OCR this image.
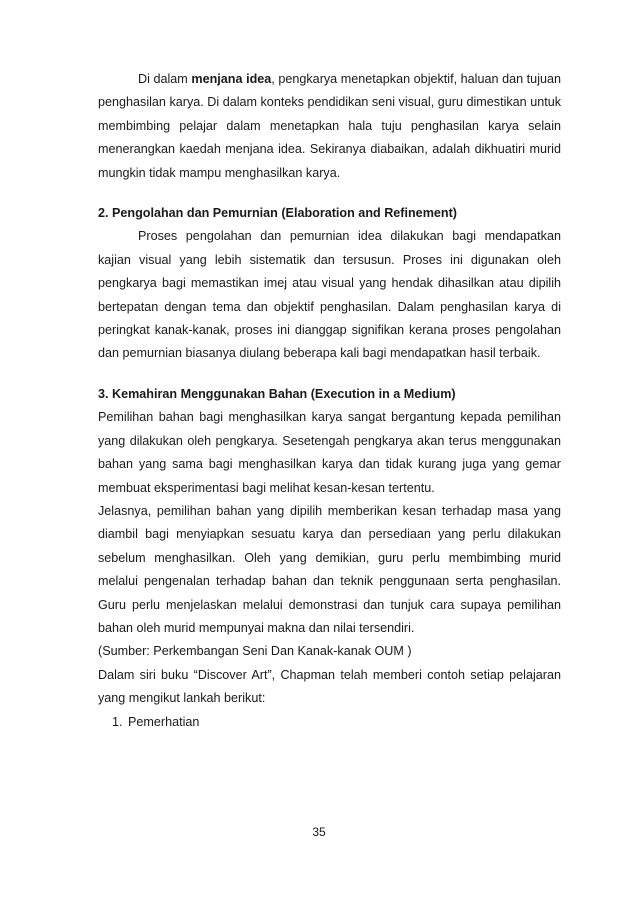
Di dalam menjana idea, pengkarya menetapkan objektif, haluan dan tujuan penghasilan karya. Di dalam konteks pendidikan seni visual, guru dimestikan untuk membimbing pelajar dalam menetapkan hala tuju penghasilan karya selain menerangkan kaedah menjana idea. Sekiranya diabaikan, adalah dikhuatiri murid mungkin tidak mampu menghasilkan karya.

2. Pengolahan dan Pemurnian (Elaboration and Refinement)

Proses pengolahan dan pemurnian idea dilakukan bagi mendapatkan kajian visual yang lebih sistematik dan tersusun. Proses ini digunakan oleh pengkarya bagi memastikan imej atau visual yang hendak dihasilkan atau dipilih bertepatan dengan tema dan objektif penghasilan. Dalam penghasilan karya di peringkat kanak-kanak, proses ini dianggap signifikan kerana proses pengolahan dan pemurnian biasanya diulang beberapa kali bagi mendapatkan hasil terbaik.

3. Kemahiran Menggunakan Bahan (Execution in a Medium)

Pemilihan bahan bagi menghasilkan karya sangat bergantung kepada pemilihan yang dilakukan oleh pengkarya. Sesetengah pengkarya akan terus menggunakan bahan yang sama bagi menghasilkan karya dan tidak kurang juga yang gemar membuat eksperimentasi bagi melihat kesan-kesan tertentu.

Jelasnya, pemilihan bahan yang dipilih memberikan kesan terhadap masa yang diambil bagi menyiapkan sesuatu karya dan persediaan yang perlu dilakukan sebelum menghasilkan. Oleh yang demikian, guru perlu membimbing murid melalui pengenalan terhadap bahan dan teknik penggunaan serta penghasilan. Guru perlu menjelaskan melalui demonstrasi dan tunjuk cara supaya pemilihan bahan oleh murid mempunyai makna dan nilai tersendiri.

(Sumber: Perkembangan Seni Dan Kanak-kanak OUM )

Dalam siri buku “Discover Art”, Chapman telah memberi contoh setiap pelajaran yang mengikut lankah berikut:

1. Pemerhatian
35
